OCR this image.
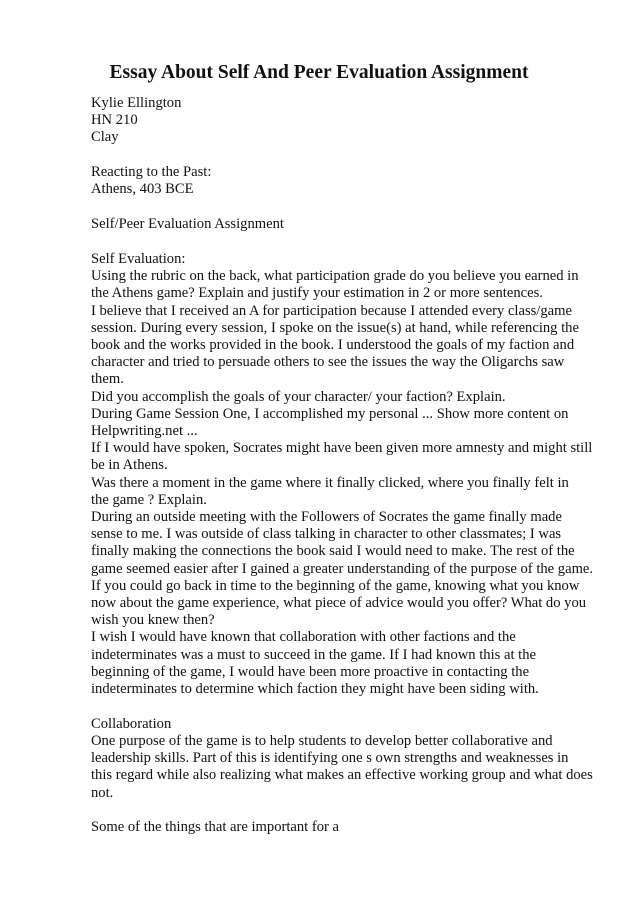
Essay About Self And Peer Evaluation Assignment

Kylie Ellington

HN 210

Clay

Reacting to the Past:

Athens, 403 BCE

Self/Peer Evaluation Assignment

Self Evaluation:

Using the rubric on the back, what participation grade do you believe you earned in

the Athens game? Explain and justify your estimation in 2 or more sentences.

I believe that I received an A for participation because I attended every class/game

session. During every session, I spoke on the issue(s) at hand, while referencing the

book and the works provided in the book. I understood the goals of my faction and

character and tried to persuade others to see the issues the way the Oligarchs saw

them.

Did you accomplish the goals of your character/ your faction? Explain.

During Game Session One, I accomplished my personal ... Show more content on

Helpwriting.net ...

If I would have spoken, Socrates might have been given more amnesty and might still

be in Athens.

Was there a moment in the game where it finally clicked, where you finally felt in

the game ? Explain.

During an outside meeting with the Followers of Socrates the game finally made

sense to me. I was outside of class talking in character to other classmates; I was

finally making the connections the book said I would need to make. The rest of the

game seemed easier after I gained a greater understanding of the purpose of the game.

If you could go back in time to the beginning of the game, knowing what you know

now about the game experience, what piece of advice would you offer? What do you

wish you knew then?

I wish I would have known that collaboration with other factions and the

indeterminates was a must to succeed in the game. If I had known this at the

beginning of the game, I would have been more proactive in contacting the

indeterminates to determine which faction they might have been siding with.

Collaboration

One purpose of the game is to help students to develop better collaborative and

leadership skills. Part of this is identifying one s own strengths and weaknesses in

this regard while also realizing what makes an effective working group and what does

not.

Some of the things that are important for a
